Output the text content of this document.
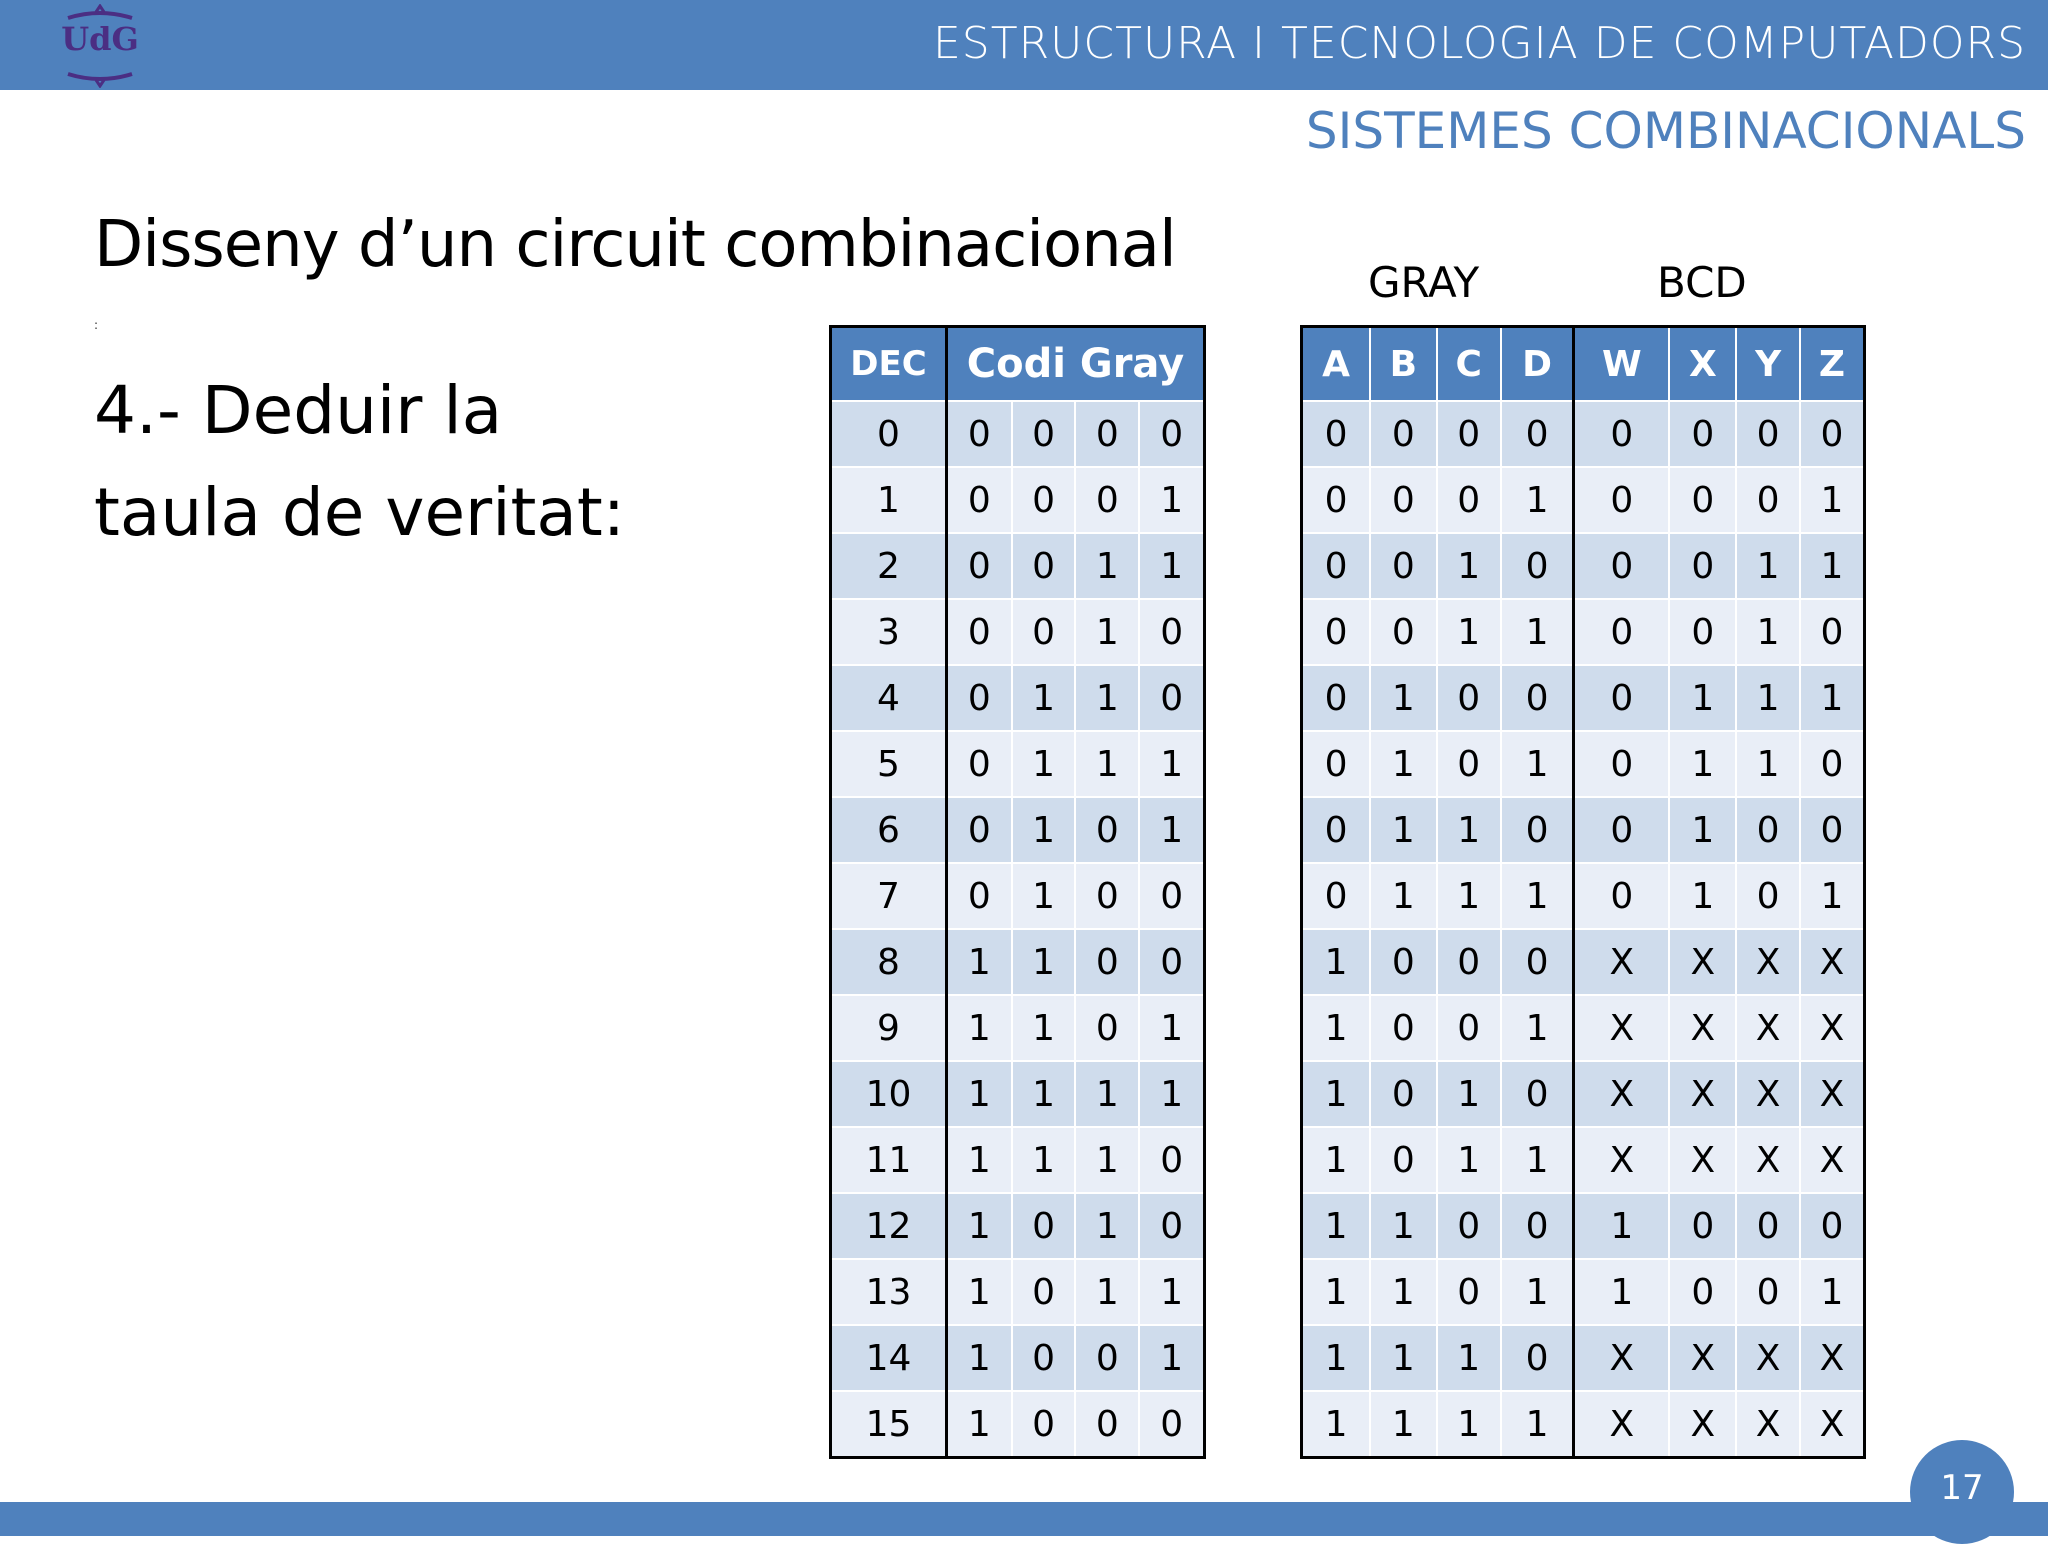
UdG	ESTRUCTURA I TECNOLOGIA DE COMPUTADORS
SISTEMES COMBINACIONALS
Disseny d’un circuit combinacional
:
4.- Deduir la
taula de veritat:
GRAY	BCD
DEC	Codi Gray			
0	0	0	0	0
1	0	0	0	1
2	0	0	1	1
3	0	0	1	0
4	0	1	1	0
5	0	1	1	1
6	0	1	0	1
7	0	1	0	0
8	1	1	0	0
9	1	1	0	1
10	1	1	1	1
11	1	1	1	0
12	1	0	1	0
13	1	0	1	1
14	1	0	0	1
15	1	0	0	0
A	B	C	D	W	X	Y	Z
0	0	0	0	0	0	0	0
0	0	0	1	0	0	0	1
0	0	1	0	0	0	1	1
0	0	1	1	0	0	1	0
0	1	0	0	0	1	1	1
0	1	0	1	0	1	1	0
0	1	1	0	0	1	0	0
0	1	1	1	0	1	0	1
1	0	0	0	X	X	X	X
1	0	0	1	X	X	X	X
1	0	1	0	X	X	X	X
1	0	1	1	X	X	X	X
1	1	0	0	1	0	0	0
1	1	0	1	1	0	0	1
1	1	1	0	X	X	X	X
1	1	1	1	X	X	X	X
17
